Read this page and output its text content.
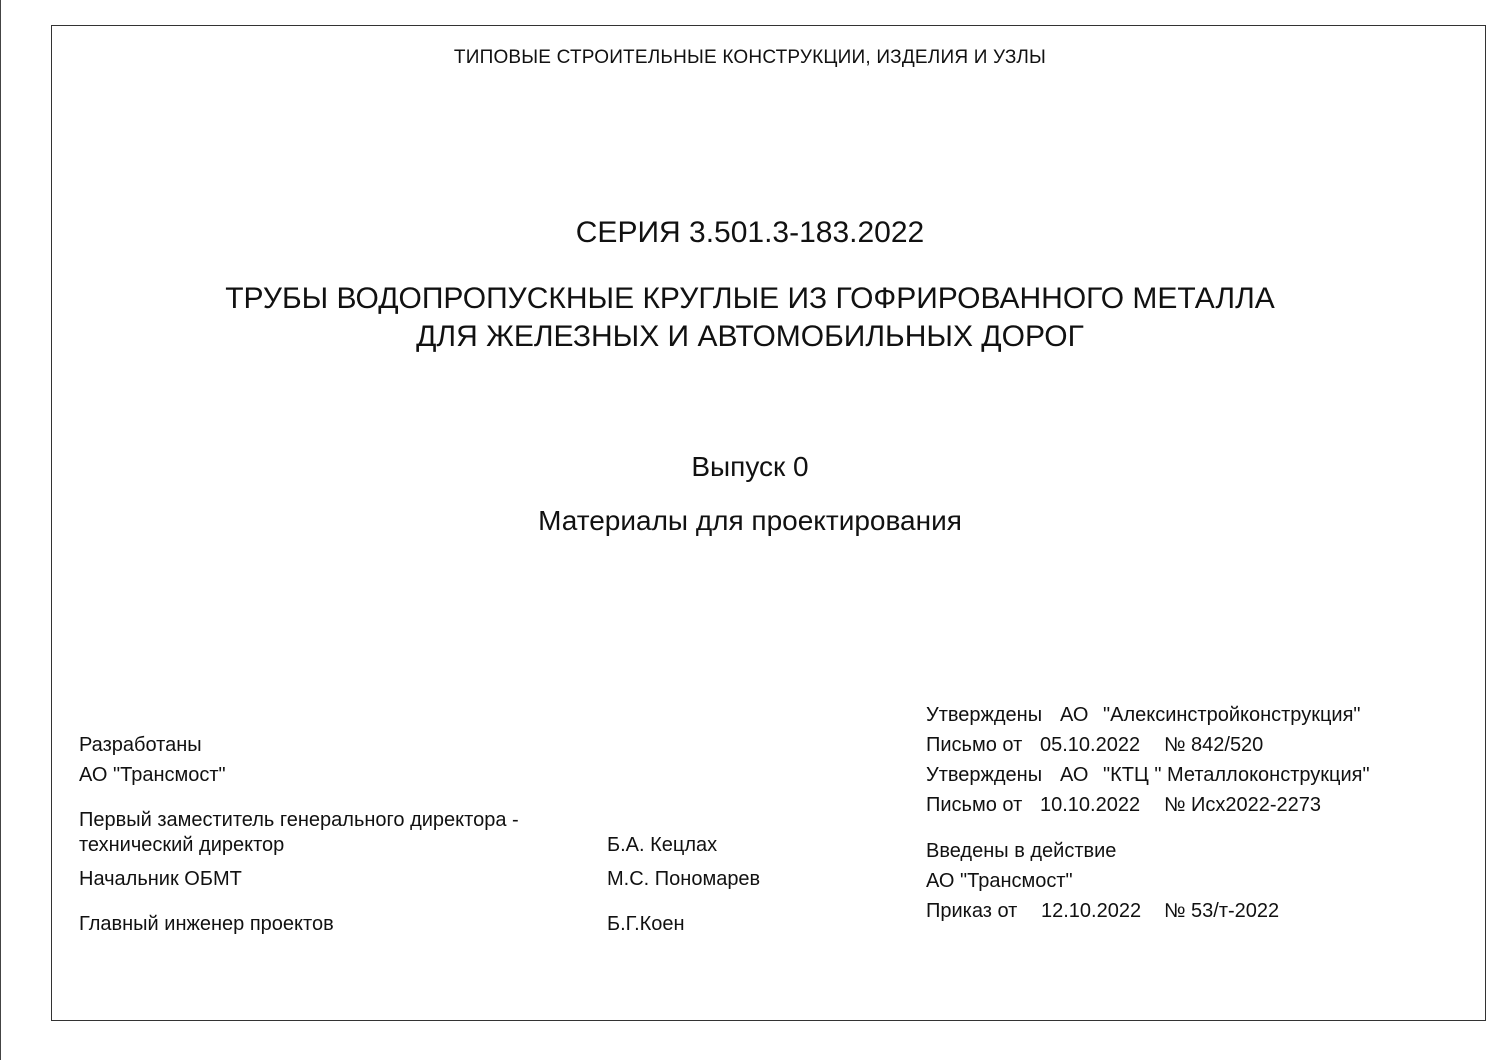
ТИПОВЫЕ СТРОИТЕЛЬНЫЕ КОНСТРУКЦИИ, ИЗДЕЛИЯ И УЗЛЫ
СЕРИЯ 3.501.3-183.2022
ТРУБЫ ВОДОПРОПУСКНЫЕ КРУГЛЫЕ ИЗ ГОФРИРОВАННОГО МЕТАЛЛА
ДЛЯ ЖЕЛЕЗНЫХ И АВТОМОБИЛЬНЫХ ДОРОГ
Выпуск 0
Материалы для проектирования
Разработаны
АО "Трансмост"
Первый заместитель генерального директора -
технический директор	Б.А. Кецлах
Начальник ОБМТ	М.С. Пономарев
Главный инженер проектов	Б.Г.Коен
Утверждены АО "Алексинстройконструкция"
Письмо от 05.10.2022 № 842/520
Утверждены АО "КТЦ " Металлоконструкция"
Письмо от 10.10.2022 № Исх2022-2273
Введены в действие
АО "Трансмост"
Приказ от 12.10.2022 № 53/т-2022
